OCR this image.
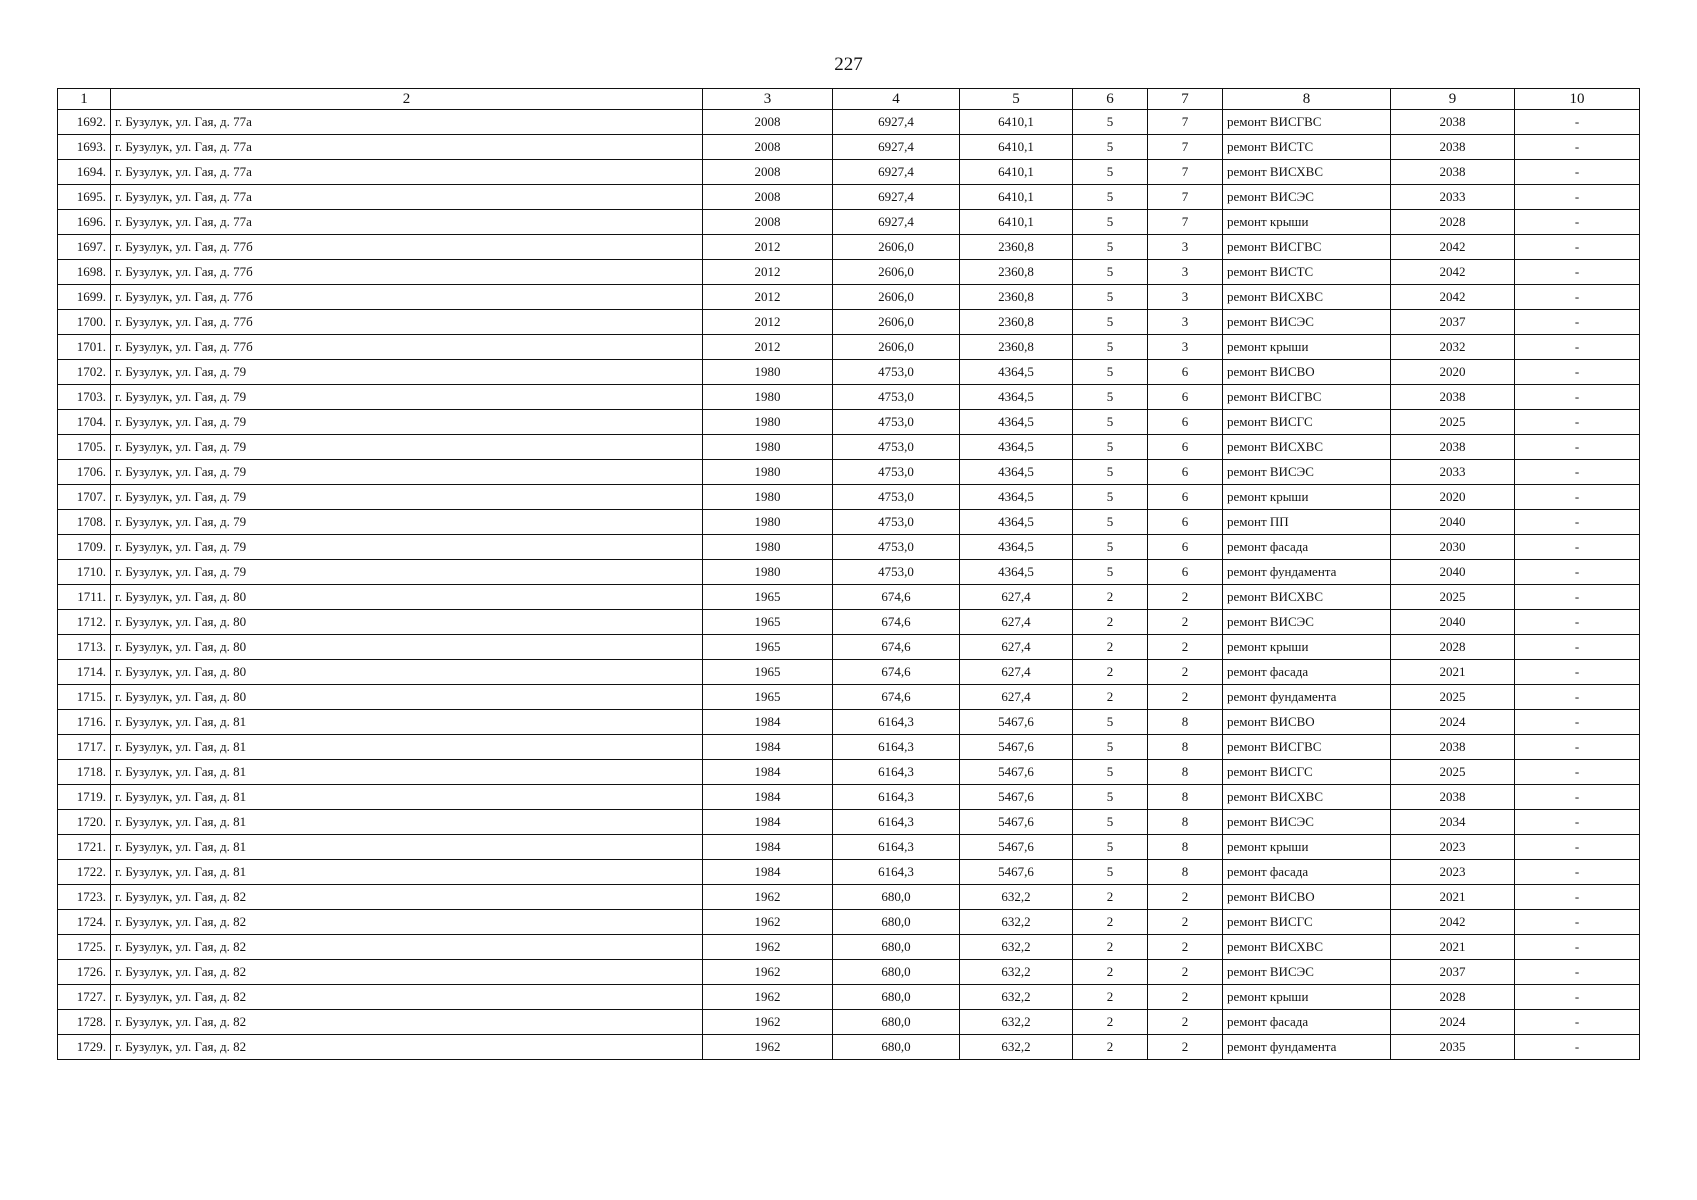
227
1	2	3	4	5	6	7	8	9	10
1692.	г. Бузулук, ул. Гая, д. 77а	2008	6927,4	6410,1	5	7	ремонт ВИСГВС	2038	-
1693.	г. Бузулук, ул. Гая, д. 77а	2008	6927,4	6410,1	5	7	ремонт ВИСТС	2038	-
1694.	г. Бузулук, ул. Гая, д. 77а	2008	6927,4	6410,1	5	7	ремонт ВИСХВС	2038	-
1695.	г. Бузулук, ул. Гая, д. 77а	2008	6927,4	6410,1	5	7	ремонт ВИСЭС	2033	-
1696.	г. Бузулук, ул. Гая, д. 77а	2008	6927,4	6410,1	5	7	ремонт крыши	2028	-
1697.	г. Бузулук, ул. Гая, д. 77б	2012	2606,0	2360,8	5	3	ремонт ВИСГВС	2042	-
1698.	г. Бузулук, ул. Гая, д. 77б	2012	2606,0	2360,8	5	3	ремонт ВИСТС	2042	-
1699.	г. Бузулук, ул. Гая, д. 77б	2012	2606,0	2360,8	5	3	ремонт ВИСХВС	2042	-
1700.	г. Бузулук, ул. Гая, д. 77б	2012	2606,0	2360,8	5	3	ремонт ВИСЭС	2037	-
1701.	г. Бузулук, ул. Гая, д. 77б	2012	2606,0	2360,8	5	3	ремонт крыши	2032	-
1702.	г. Бузулук, ул. Гая, д. 79	1980	4753,0	4364,5	5	6	ремонт ВИСВО	2020	-
1703.	г. Бузулук, ул. Гая, д. 79	1980	4753,0	4364,5	5	6	ремонт ВИСГВС	2038	-
1704.	г. Бузулук, ул. Гая, д. 79	1980	4753,0	4364,5	5	6	ремонт ВИСГС	2025	-
1705.	г. Бузулук, ул. Гая, д. 79	1980	4753,0	4364,5	5	6	ремонт ВИСХВС	2038	-
1706.	г. Бузулук, ул. Гая, д. 79	1980	4753,0	4364,5	5	6	ремонт ВИСЭС	2033	-
1707.	г. Бузулук, ул. Гая, д. 79	1980	4753,0	4364,5	5	6	ремонт крыши	2020	-
1708.	г. Бузулук, ул. Гая, д. 79	1980	4753,0	4364,5	5	6	ремонт ПП	2040	-
1709.	г. Бузулук, ул. Гая, д. 79	1980	4753,0	4364,5	5	6	ремонт фасада	2030	-
1710.	г. Бузулук, ул. Гая, д. 79	1980	4753,0	4364,5	5	6	ремонт фундамента	2040	-
1711.	г. Бузулук, ул. Гая, д. 80	1965	674,6	627,4	2	2	ремонт ВИСХВС	2025	-
1712.	г. Бузулук, ул. Гая, д. 80	1965	674,6	627,4	2	2	ремонт ВИСЭС	2040	-
1713.	г. Бузулук, ул. Гая, д. 80	1965	674,6	627,4	2	2	ремонт крыши	2028	-
1714.	г. Бузулук, ул. Гая, д. 80	1965	674,6	627,4	2	2	ремонт фасада	2021	-
1715.	г. Бузулук, ул. Гая, д. 80	1965	674,6	627,4	2	2	ремонт фундамента	2025	-
1716.	г. Бузулук, ул. Гая, д. 81	1984	6164,3	5467,6	5	8	ремонт ВИСВО	2024	-
1717.	г. Бузулук, ул. Гая, д. 81	1984	6164,3	5467,6	5	8	ремонт ВИСГВС	2038	-
1718.	г. Бузулук, ул. Гая, д. 81	1984	6164,3	5467,6	5	8	ремонт ВИСГС	2025	-
1719.	г. Бузулук, ул. Гая, д. 81	1984	6164,3	5467,6	5	8	ремонт ВИСХВС	2038	-
1720.	г. Бузулук, ул. Гая, д. 81	1984	6164,3	5467,6	5	8	ремонт ВИСЭС	2034	-
1721.	г. Бузулук, ул. Гая, д. 81	1984	6164,3	5467,6	5	8	ремонт крыши	2023	-
1722.	г. Бузулук, ул. Гая, д. 81	1984	6164,3	5467,6	5	8	ремонт фасада	2023	-
1723.	г. Бузулук, ул. Гая, д. 82	1962	680,0	632,2	2	2	ремонт ВИСВО	2021	-
1724.	г. Бузулук, ул. Гая, д. 82	1962	680,0	632,2	2	2	ремонт ВИСГС	2042	-
1725.	г. Бузулук, ул. Гая, д. 82	1962	680,0	632,2	2	2	ремонт ВИСХВС	2021	-
1726.	г. Бузулук, ул. Гая, д. 82	1962	680,0	632,2	2	2	ремонт ВИСЭС	2037	-
1727.	г. Бузулук, ул. Гая, д. 82	1962	680,0	632,2	2	2	ремонт крыши	2028	-
1728.	г. Бузулук, ул. Гая, д. 82	1962	680,0	632,2	2	2	ремонт фасада	2024	-
1729.	г. Бузулук, ул. Гая, д. 82	1962	680,0	632,2	2	2	ремонт фундамента	2035	-
